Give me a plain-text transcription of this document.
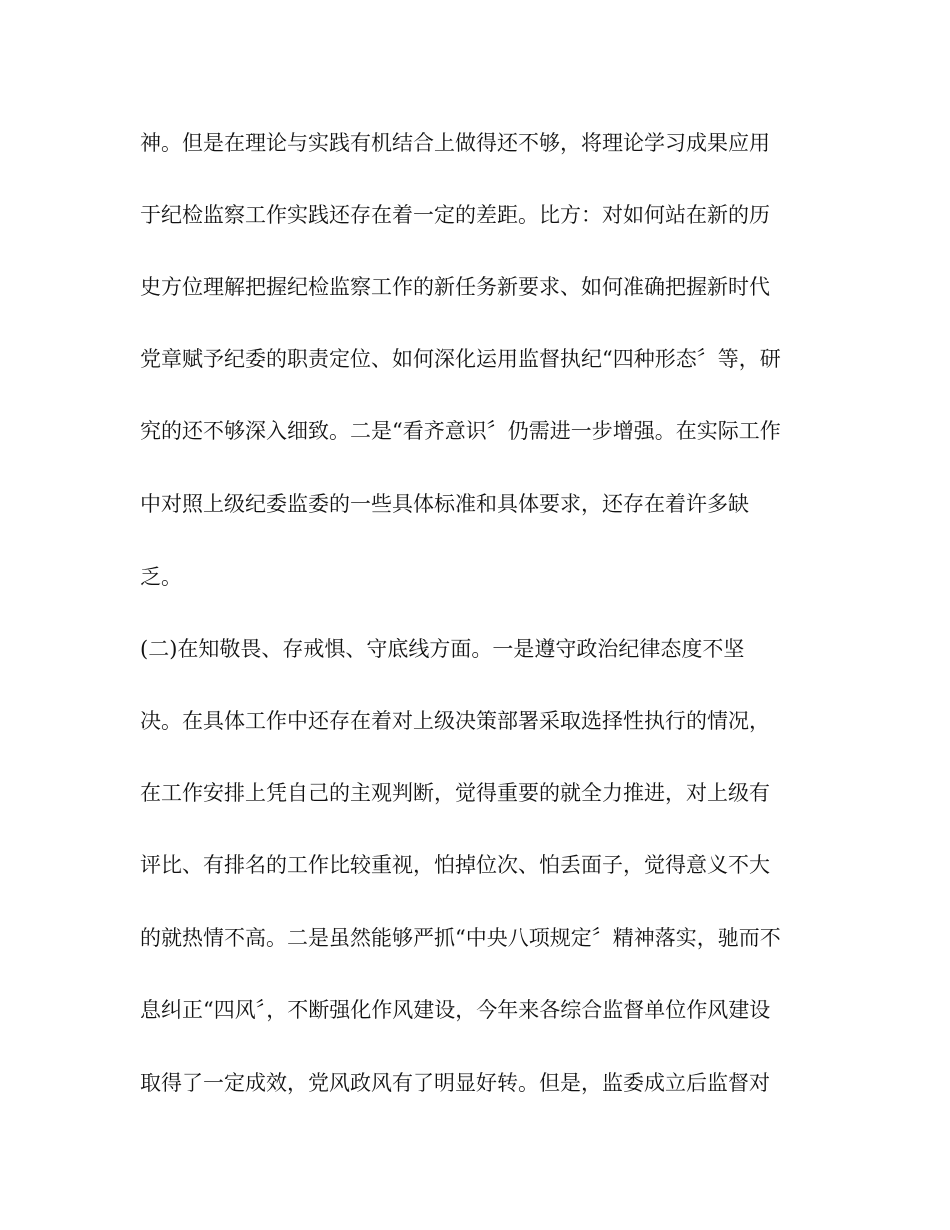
神。但是在理论与实践有机结合上做得还不够，将理论学习成果应用
于纪检监察工作实践还存在着一定的差距。比方：对如何站在新的历
史方位理解把握纪检监察工作的新任务新要求、如何准确把握新时代
党章赋予纪委的职责定位、如何深化运用监督执纪“四种形态〞等，研
究的还不够深入细致。二是“看齐意识〞仍需进一步增强。在实际工作
中对照上级纪委监委的一些具体标准和具体要求，还存在着许多缺
乏。
(二)在知敬畏、存戒惧、守底线方面。一是遵守政治纪律态度不坚
决。在具体工作中还存在着对上级决策部署采取选择性执行的情况，
在工作安排上凭自己的主观判断，觉得重要的就全力推进，对上级有
评比、有排名的工作比较重视，怕掉位次、怕丢面子，觉得意义不大
的就热情不高。二是虽然能够严抓“中央八项规定〞精神落实，驰而不
息纠正“四风〞，不断强化作风建设，今年来各综合监督单位作风建设
取得了一定成效，党风政风有了明显好转。但是，监委成立后监督对
